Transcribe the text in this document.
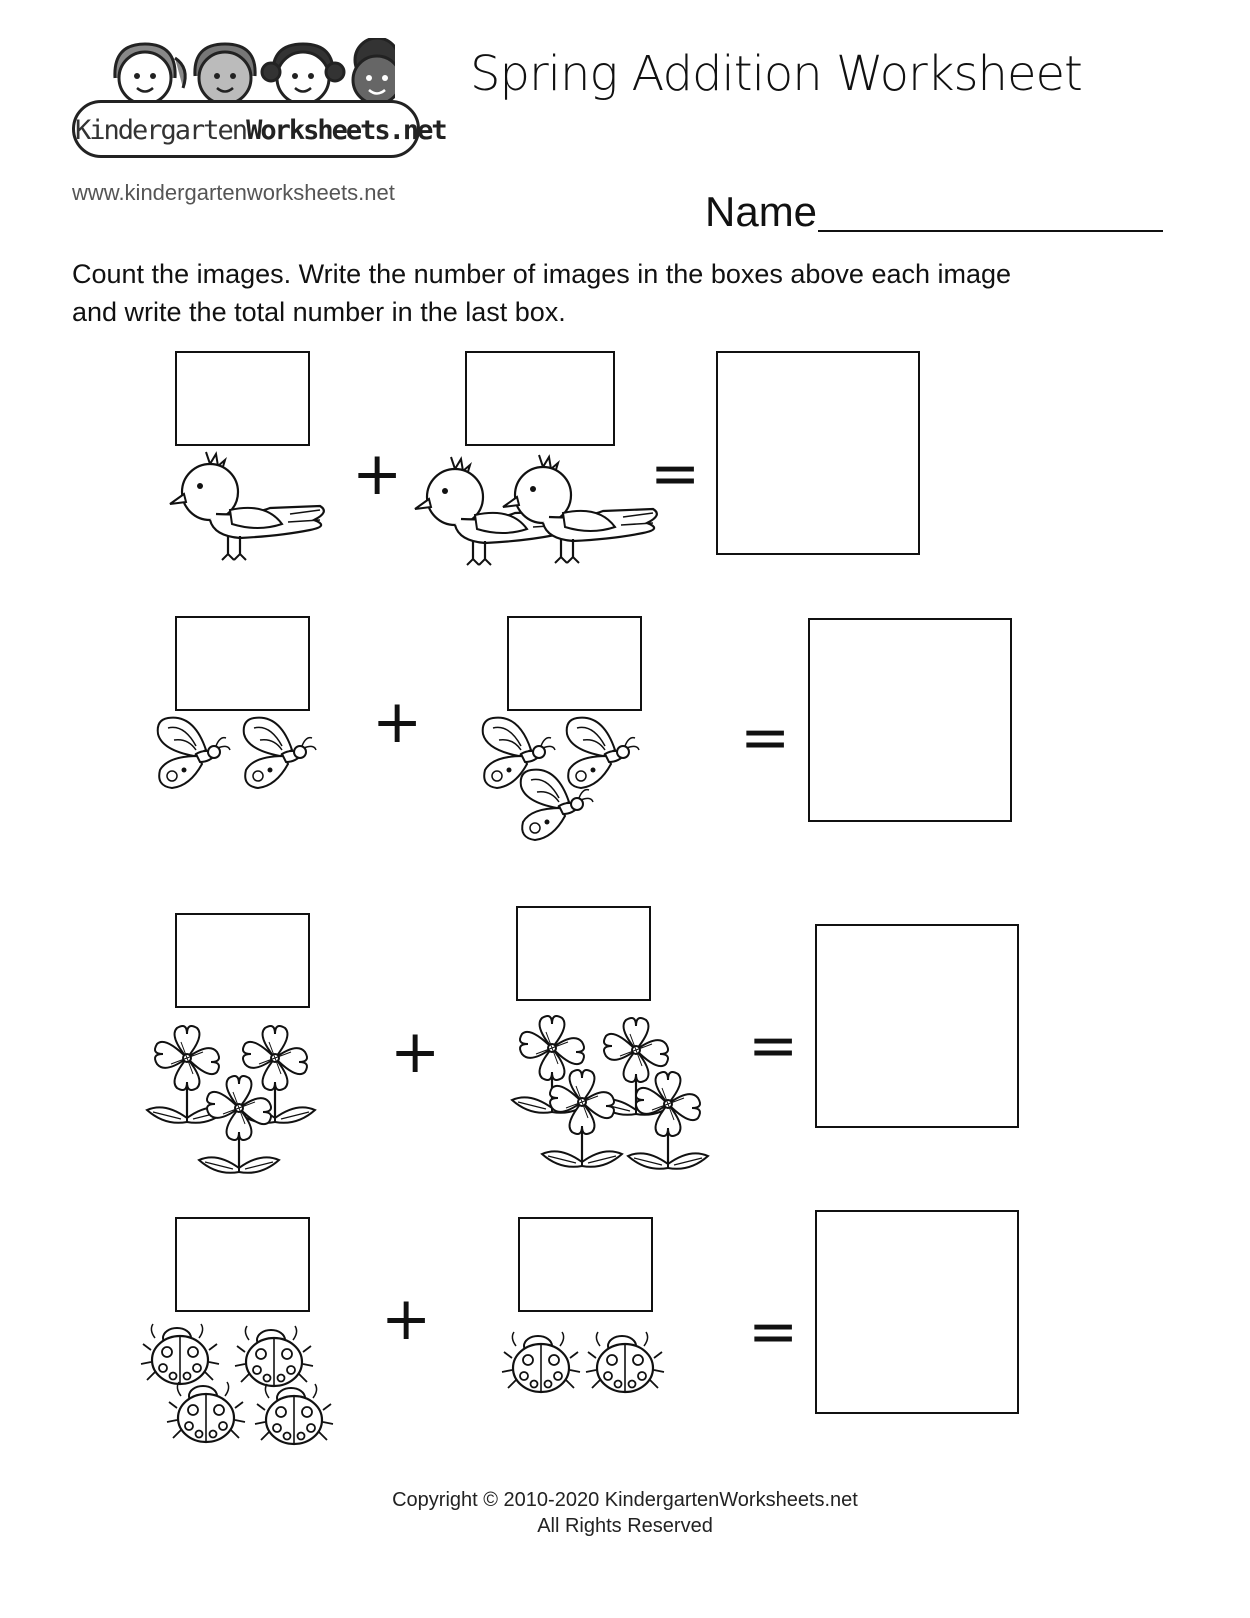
KindergartenWorksheets.net
www.kindergartenworksheets.net
Spring Addition Worksheet
Name
Count the images. Write the number of images in the boxes above each image
and write the total number in the last box.
+	=
+	=
+	=
+	=
Copyright © 2010-2020 KindergartenWorksheets.net
All Rights Reserved
